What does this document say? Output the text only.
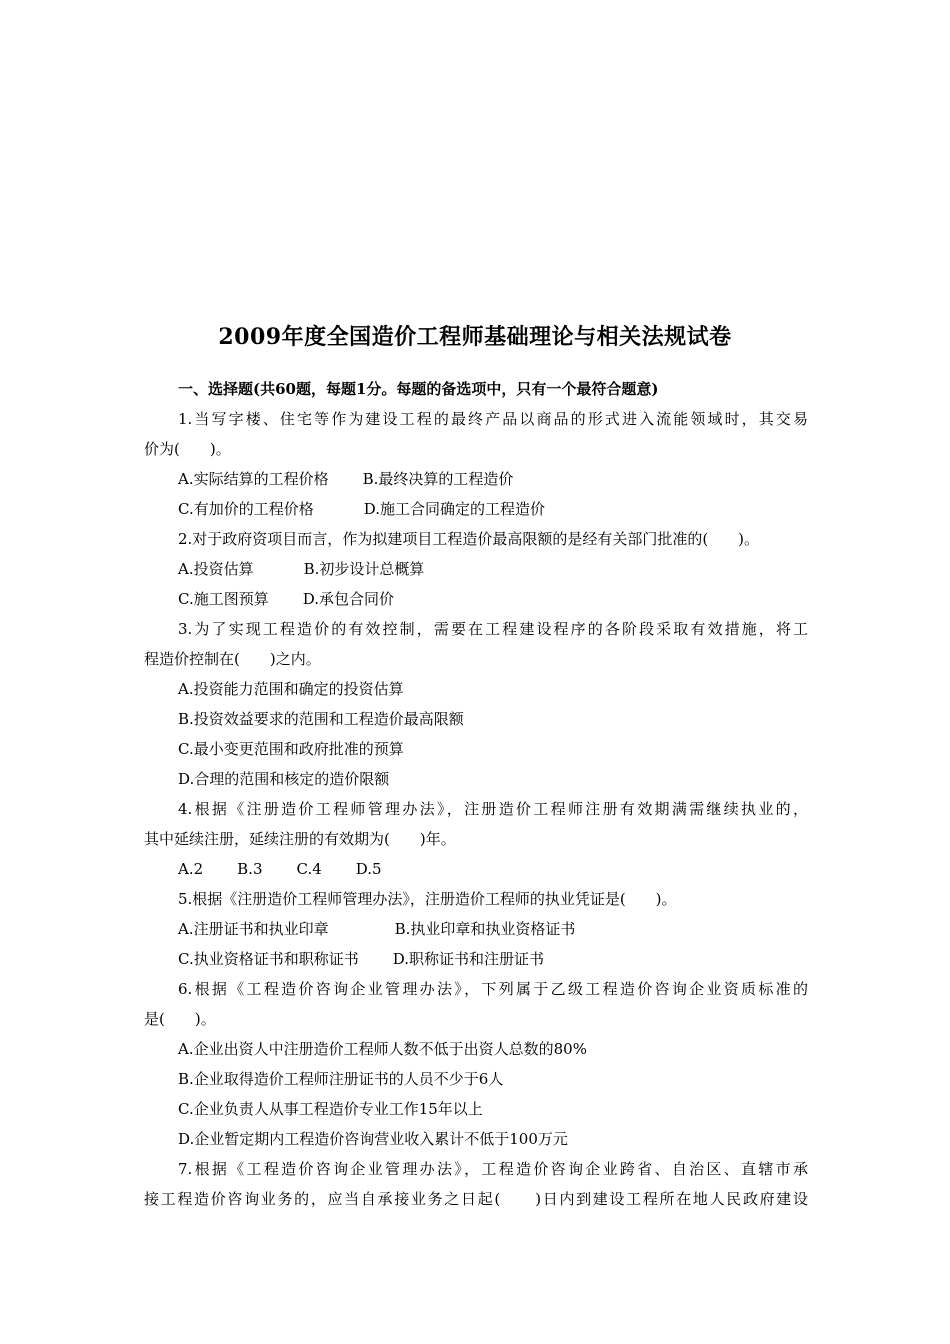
2009年度全国造价工程师基础理论与相关法规试卷
一、选择题(共60题，每题1分。每题的备选项中，只有一个最符合题意)
1.当写字楼、住宅等作为建设工程的最终产品以商品的形式进入流能领域时，其交易
价为(　　)。
A.实际结算的工程价格 B.最终决算的工程造价
C.有加价的工程价格	D.施工合同确定的工程造价
2.对于政府资项目而言，作为拟建项目工程造价最高限额的是经有关部门批准的(　　)。
A.投资估算	B.初步设计总概算
C.施工图预算 D.承包合同价
3.为了实现工程造价的有效控制，需要在工程建设程序的各阶段采取有效措施，将工
程造价控制在(　　)之内。
A.投资能力范围和确定的投资估算
B.投资效益要求的范围和工程造价最高限额
C.最小变更范围和政府批准的预算
D.合理的范围和核定的造价限额
4.根据《注册造价工程师管理办法》，注册造价工程师注册有效期满需继续执业的，
其中延续注册，延续注册的有效期为(　　)年。
A.2 B.3 C.4 D.5
5.根据《注册造价工程师管理办法》，注册造价工程师的执业凭证是(　　)。
A.注册证书和执业印章	B.执业印章和执业资格证书
C.执业资格证书和职称证书 D.职称证书和注册证书
6.根据《工程造价咨询企业管理办法》，下列属于乙级工程造价咨询企业资质标准的
是(　　)。
A.企业出资人中注册造价工程师人数不低于出资人总数的80%
B.企业取得造价工程师注册证书的人员不少于6人
C.企业负责人从事工程造价专业工作15年以上
D.企业暂定期内工程造价咨询营业收入累计不低于100万元
7.根据《工程造价咨询企业管理办法》，工程造价咨询企业跨省、自治区、直辖市承
接工程造价咨询业务的，应当自承接业务之日起(　　)日内到建设工程所在地人民政府建设
